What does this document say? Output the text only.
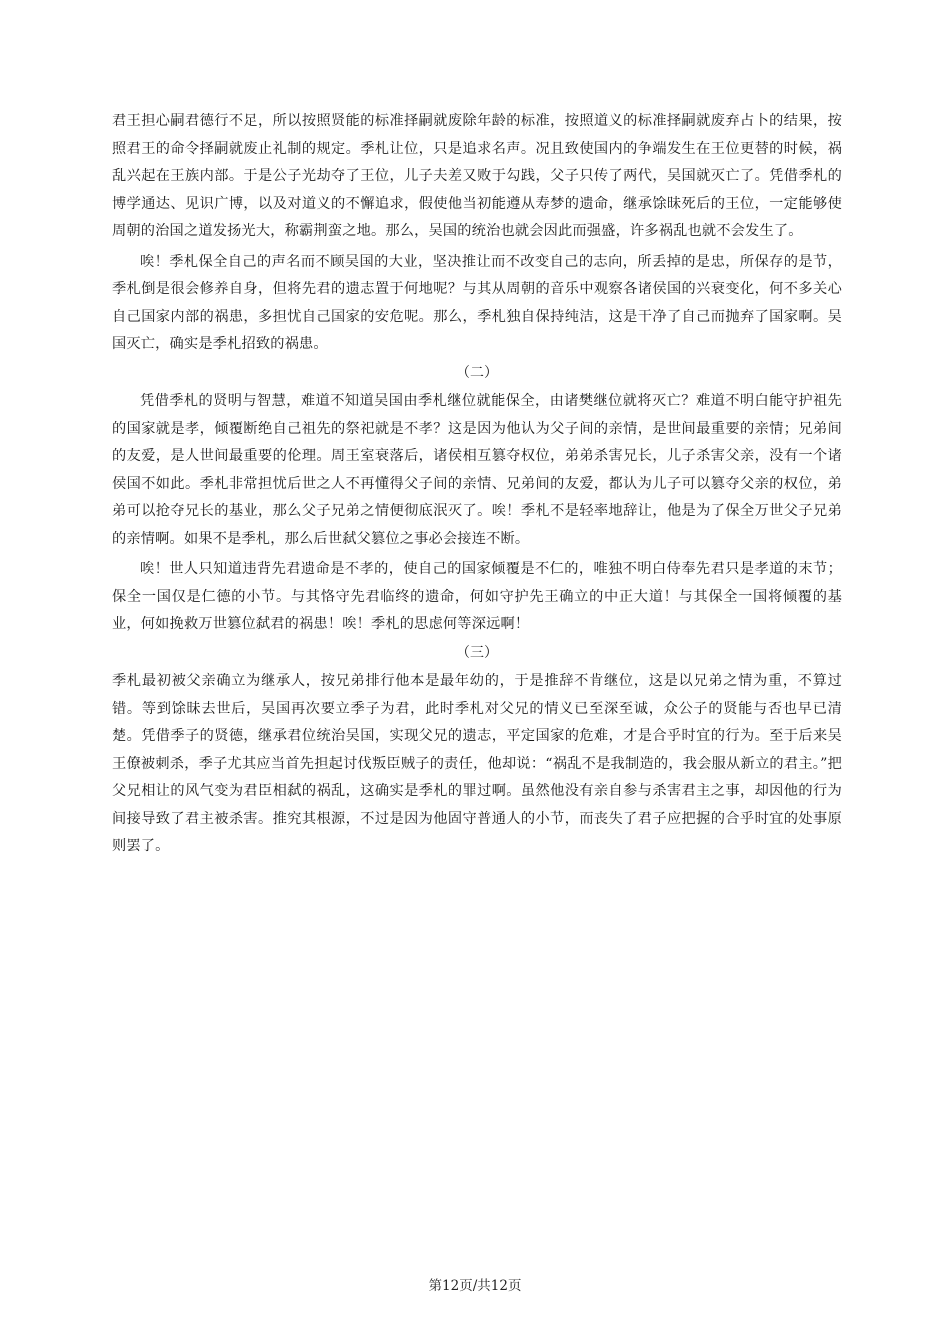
君王担心嗣君德行不足，所以按照贤能的标准择嗣就废除年龄的标准，按照道义的标准择嗣就废弃占卜的结果，按照君王的命令择嗣就废止礼制的规定。季札让位，只是追求名声。况且致使国内的争端发生在王位更替的时候，祸乱兴起在王族内部。于是公子光劫夺了王位，儿子夫差又败于勾践，父子只传了两代，吴国就灭亡了。凭借季札的博学通达、见识广博，以及对道义的不懈追求，假使他当初能遵从寿梦的遗命，继承馀昧死后的王位，一定能够使周朝的治国之道发扬光大，称霸荆蛮之地。那么，吴国的统治也就会因此而强盛，许多祸乱也就不会发生了。

唉！季札保全自己的声名而不顾吴国的大业，坚决推让而不改变自己的志向，所丢掉的是忠，所保存的是节，季札倒是很会修养自身，但将先君的遗志置于何地呢？与其从周朝的音乐中观察各诸侯国的兴衰变化，何不多关心自己国家内部的祸患，多担忧自己国家的安危呢。那么，季札独自保持纯洁，这是干净了自己而抛弃了国家啊。吴国灭亡，确实是季札招致的祸患。

（二）

凭借季札的贤明与智慧，难道不知道吴国由季札继位就能保全，由诸樊继位就将灭亡？难道不明白能守护祖先的国家就是孝，倾覆断绝自己祖先的祭祀就是不孝？这是因为他认为父子间的亲情，是世间最重要的亲情；兄弟间的友爱，是人世间最重要的伦理。周王室衰落后，诸侯相互篡夺权位，弟弟杀害兄长，儿子杀害父亲，没有一个诸侯国不如此。季札非常担忧后世之人不再懂得父子间的亲情、兄弟间的友爱，都认为儿子可以篡夺父亲的权位，弟弟可以抢夺兄长的基业，那么父子兄弟之情便彻底泯灭了。唉！季札不是轻率地辞让，他是为了保全万世父子兄弟的亲情啊。如果不是季札，那么后世弑父篡位之事必会接连不断。

唉！世人只知道违背先君遗命是不孝的，使自己的国家倾覆是不仁的，唯独不明白侍奉先君只是孝道的末节；保全一国仅是仁德的小节。与其恪守先君临终的遗命，何如守护先王确立的中正大道！与其保全一国将倾覆的基业，何如挽救万世篡位弑君的祸患！唉！季札的思虑何等深远啊！

（三）

季札最初被父亲确立为继承人，按兄弟排行他本是最年幼的，于是推辞不肯继位，这是以兄弟之情为重，不算过错。等到馀昧去世后，吴国再次要立季子为君，此时季札对父兄的情义已至深至诚，众公子的贤能与否也早已清楚。凭借季子的贤德，继承君位统治吴国，实现父兄的遗志，平定国家的危难，才是合乎时宜的行为。至于后来吴王僚被刺杀，季子尤其应当首先担起讨伐叛臣贼子的责任，他却说：“祸乱不是我制造的，我会服从新立的君主。”把父兄相让的风气变为君臣相弑的祸乱，这确实是季札的罪过啊。虽然他没有亲自参与杀害君主之事，却因他的行为间接导致了君主被杀害。推究其根源，不过是因为他固守普通人的小节，而丧失了君子应把握的合乎时宜的处事原则罢了。

第12页/共12页
